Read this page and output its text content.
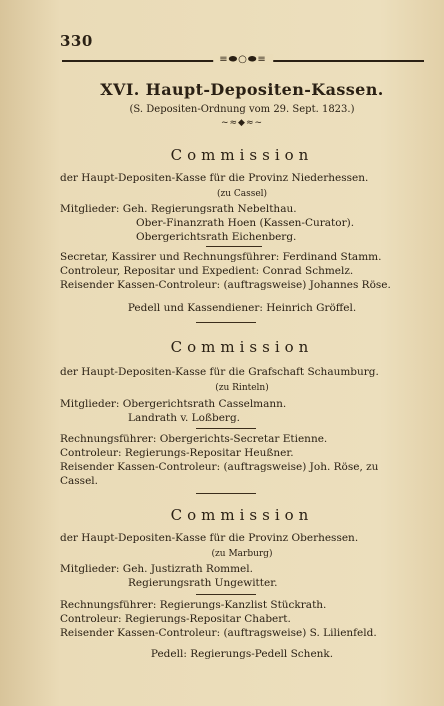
330
≡⬬○⬬≡
XVI. Haupt-Depositen-Kassen.
(S. Depositen-Ordnung vom 29. Sept. 1823.)
~≈◆≈~
Commission
der Haupt-Depositen-Kasse für die Provinz Niederhessen.
(zu Cassel)
Mitglieder: Geh. Regierungsrath Nebelthau.
Ober-Finanzrath Hoen (Kassen-Curator).
Obergerichtsrath Eichenberg.
Secretar, Kassirer und Rechnungsführer: Ferdinand Stamm.
Controleur, Repositar und Expedient: Conrad Schmelz.
Reisender Kassen-Controleur: (auftragsweise) Johannes Röse.
Pedell und Kassendiener: Heinrich Gröffel.
Commission
der Haupt-Depositen-Kasse für die Grafschaft Schaumburg.
(zu Rinteln)
Mitglieder: Obergerichtsrath Casselmann.
Landrath v. Loßberg.
Rechnungsführer: Obergerichts-Secretar Etienne.
Controleur: Regierungs-Repositar Heußner.
Reisender Kassen-Controleur: (auftragsweise) Joh. Röse, zu
Cassel.
Commission
der Haupt-Depositen-Kasse für die Provinz Oberhessen.
(zu Marburg)
Mitglieder: Geh. Justizrath Rommel.
Regierungsrath Ungewitter.
Rechnungsführer: Regierungs-Kanzlist Stückrath.
Controleur: Regierungs-Repositar Chabert.
Reisender Kassen-Controleur: (auftragsweise) S. Lilienfeld.
Pedell: Regierungs-Pedell Schenk.
